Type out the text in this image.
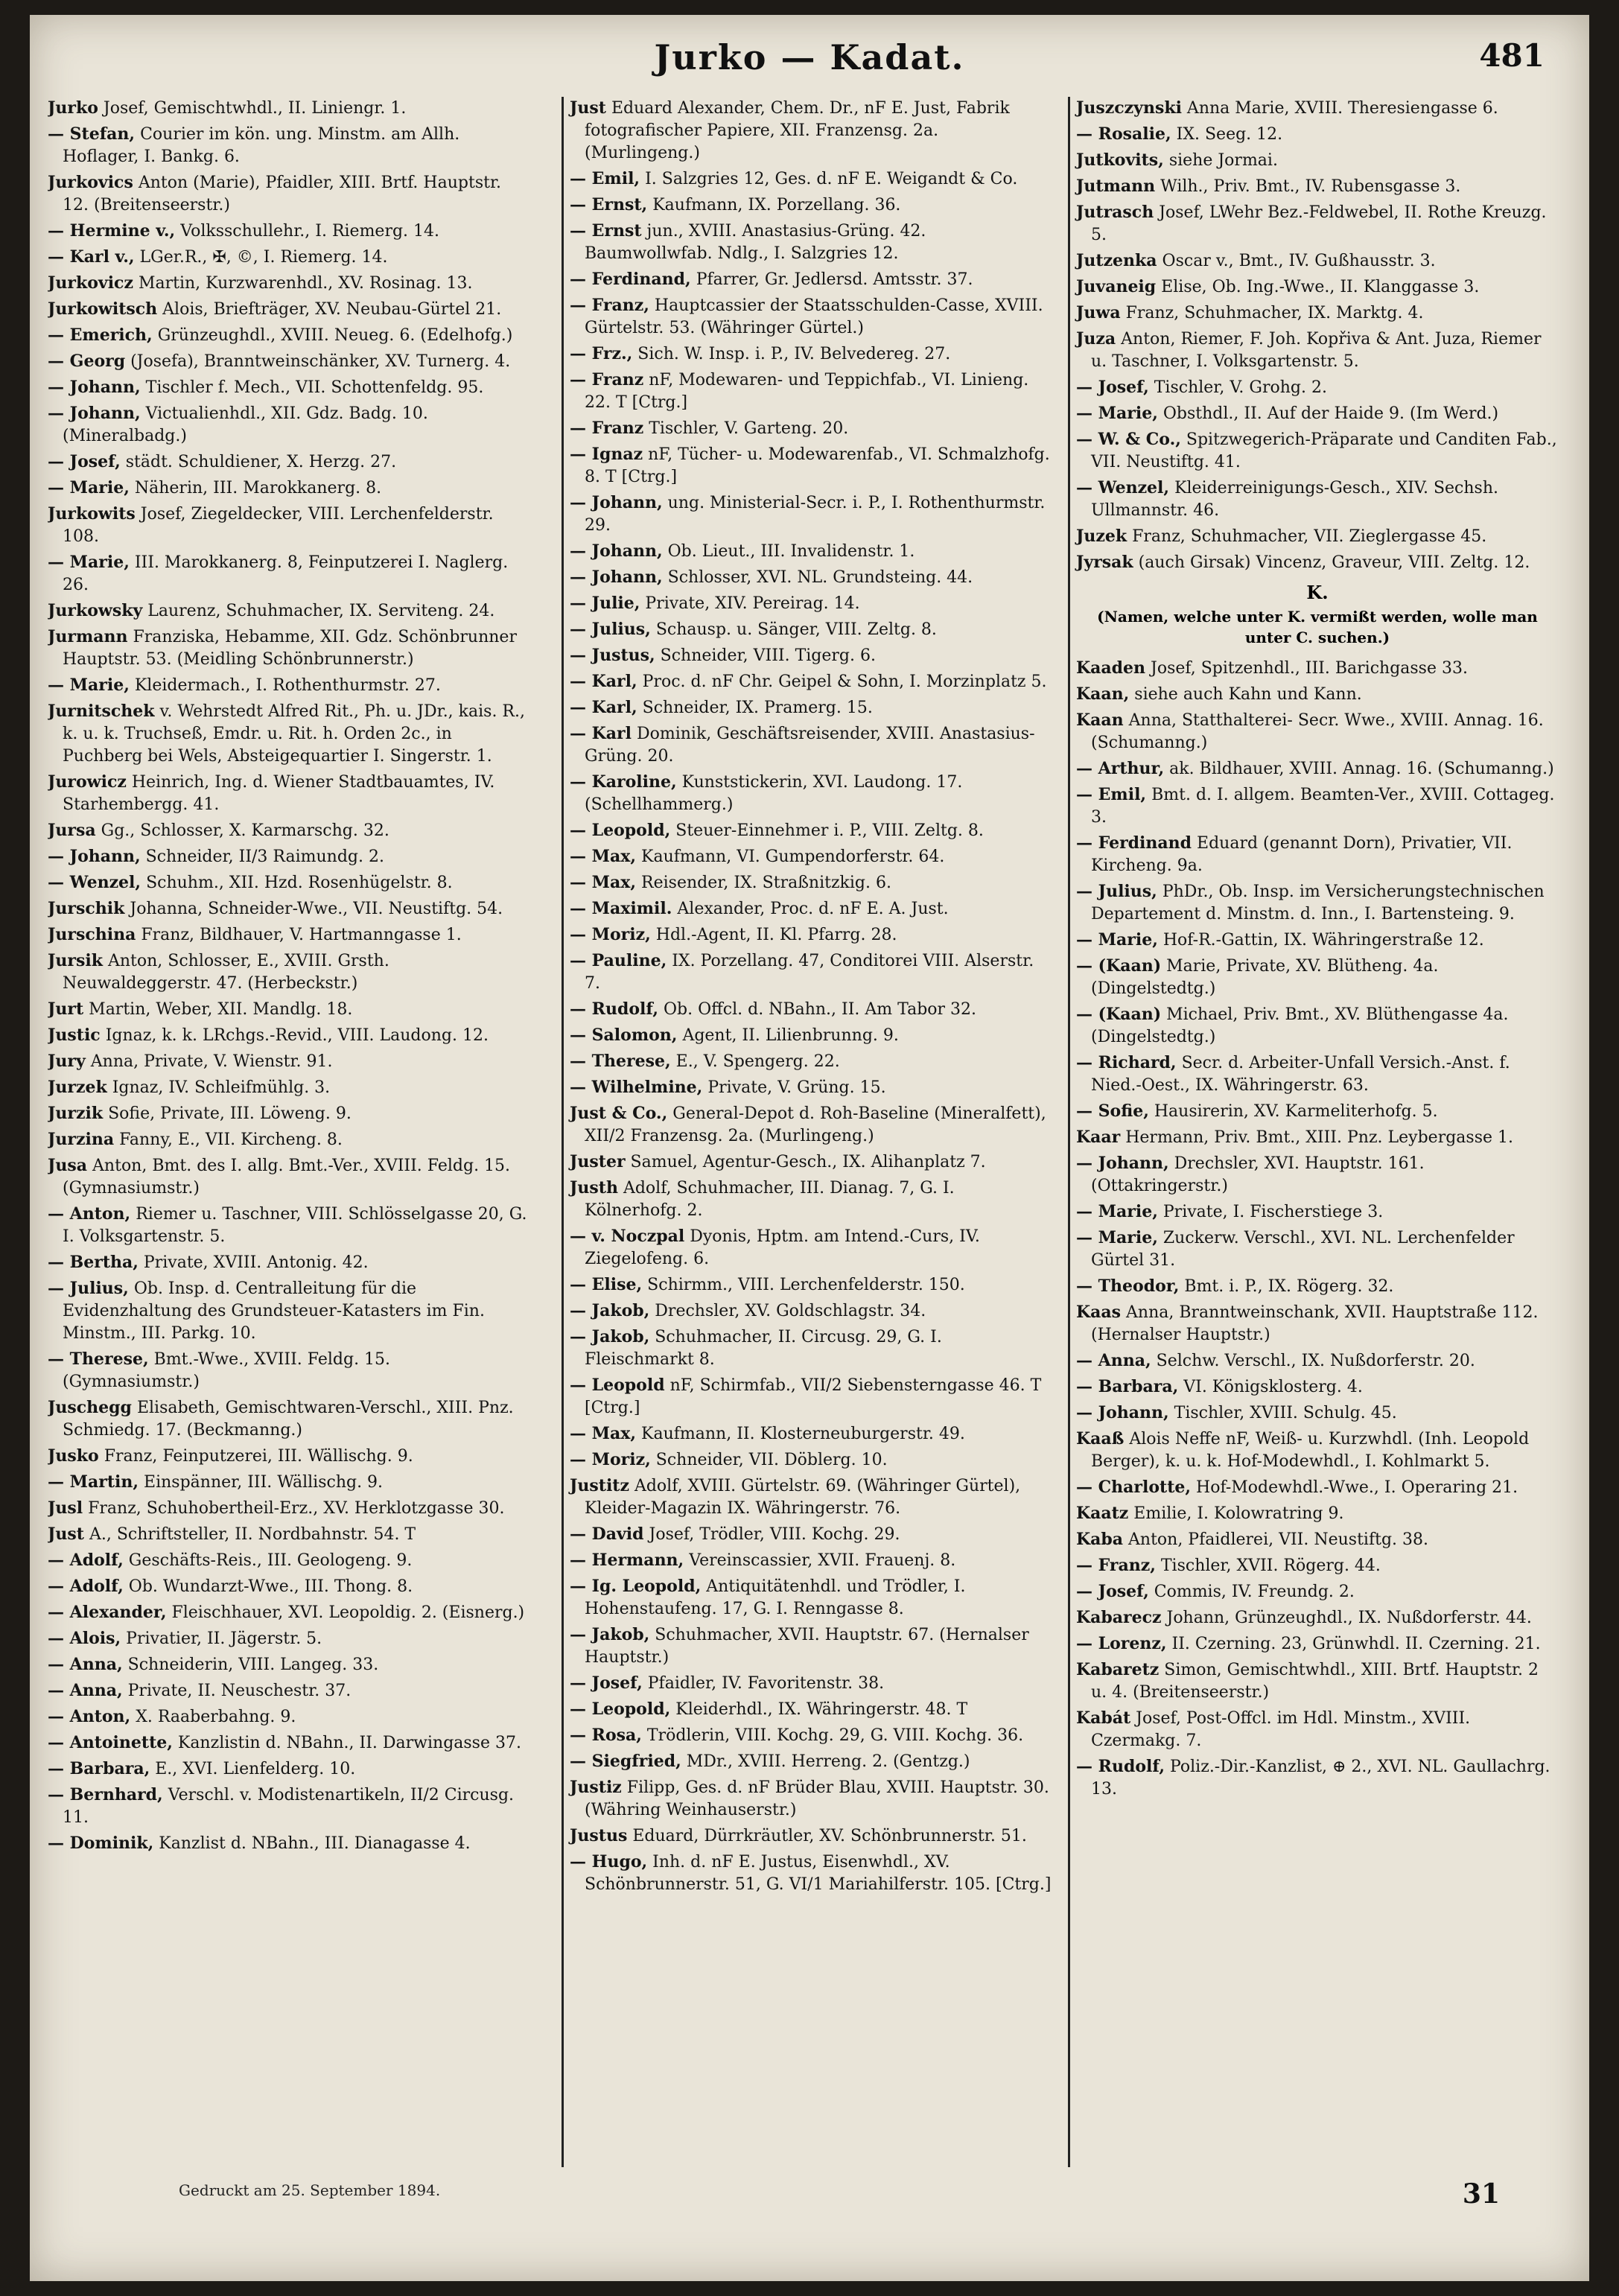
Jurko — Kadat.	481
Jurko Josef, Gemischtwhdl., II. Liniengr. 1.
— Stefan, Courier im kön. ung. Minstm. am Allh. Hoflager, I. Bankg. 6.
Jurkovics Anton (Marie), Pfaidler, XIII. Brtf. Hauptstr. 12. (Breitenseerstr.)
— Hermine v., Volksschullehr., I. Riemerg. 14.
— Karl v., LGer.R., ✠, ©, I. Riemerg. 14.
Jurkovicz Martin, Kurzwarenhdl., XV. Rosinag. 13.
Jurkowitsch Alois, Briefträger, XV. Neubau-Gürtel 21.
— Emerich, Grünzeughdl., XVIII. Neueg. 6. (Edelhofg.)
— Georg (Josefa), Branntweinschänker, XV. Turnerg. 4.
— Johann, Tischler f. Mech., VII. Schottenfeldg. 95.
— Johann, Victualienhdl., XII. Gdz. Badg. 10. (Mineralbadg.)
— Josef, städt. Schuldiener, X. Herzg. 27.
— Marie, Näherin, III. Marokkanerg. 8.
Jurkowits Josef, Ziegeldecker, VIII. Lerchenfelderstr. 108.
— Marie, III. Marokkanerg. 8, Feinputzerei I. Naglerg. 26.
Jurkowsky Laurenz, Schuhmacher, IX. Serviteng. 24.
Jurmann Franziska, Hebamme, XII. Gdz. Schönbrunner Hauptstr. 53. (Meidling Schönbrunnerstr.)
— Marie, Kleidermach., I. Rothenthurmstr. 27.
Jurnitschek v. Wehrstedt Alfred Rit., Ph. u. JDr., kais. R., k. u. k. Truchseß, Emdr. u. Rit. h. Orden 2c., in Puchberg bei Wels, Absteigequartier I. Singerstr. 1.
Jurowicz Heinrich, Ing. d. Wiener Stadtbauamtes, IV. Starhembergg. 41.
Jursa Gg., Schlosser, X. Karmarschg. 32.
— Johann, Schneider, II/3 Raimundg. 2.
— Wenzel, Schuhm., XII. Hzd. Rosenhügelstr. 8.
Jurschik Johanna, Schneider-Wwe., VII. Neustiftg. 54.
Jurschina Franz, Bildhauer, V. Hartmanngasse 1.
Jursik Anton, Schlosser, E., XVIII. Grsth. Neuwaldeggerstr. 47. (Herbeckstr.)
Jurt Martin, Weber, XII. Mandlg. 18.
Justic Ignaz, k. k. LRchgs.-Revid., VIII. Laudong. 12.
Jury Anna, Private, V. Wienstr. 91.
Jurzek Ignaz, IV. Schleifmühlg. 3.
Jurzik Sofie, Private, III. Löweng. 9.
Jurzina Fanny, E., VII. Kircheng. 8.
Jusa Anton, Bmt. des I. allg. Bmt.-Ver., XVIII. Feldg. 15. (Gymnasiumstr.)
— Anton, Riemer u. Taschner, VIII. Schlösselgasse 20, G. I. Volksgartenstr. 5.
— Bertha, Private, XVIII. Antonig. 42.
— Julius, Ob. Insp. d. Centralleitung für die Evidenzhaltung des Grundsteuer-Katasters im Fin. Minstm., III. Parkg. 10.
— Therese, Bmt.-Wwe., XVIII. Feldg. 15. (Gymnasiumstr.)
Juschegg Elisabeth, Gemischtwaren-Verschl., XIII. Pnz. Schmiedg. 17. (Beckmanng.)
Jusko Franz, Feinputzerei, III. Wällischg. 9.
— Martin, Einspänner, III. Wällischg. 9.
Jusl Franz, Schuhobertheil-Erz., XV. Herklotzgasse 30.
Just A., Schriftsteller, II. Nordbahnstr. 54. T
— Adolf, Geschäfts-Reis., III. Geologeng. 9.
— Adolf, Ob. Wundarzt-Wwe., III. Thong. 8.
— Alexander, Fleischhauer, XVI. Leopoldig. 2. (Eisnerg.)
— Alois, Privatier, II. Jägerstr. 5.
— Anna, Schneiderin, VIII. Langeg. 33.
— Anna, Private, II. Neuschestr. 37.
— Anton, X. Raaberbahng. 9.
— Antoinette, Kanzlistin d. NBahn., II. Darwingasse 37.
— Barbara, E., XVI. Lienfelderg. 10.
— Bernhard, Verschl. v. Modistenartikeln, II/2 Circusg. 11.
— Dominik, Kanzlist d. NBahn., III. Dianagasse 4.
Just Eduard Alexander, Chem. Dr., nF E. Just, Fabrik fotografischer Papiere, XII. Franzensg. 2a. (Murlingeng.)
— Emil, I. Salzgries 12, Ges. d. nF E. Weigandt & Co.
— Ernst, Kaufmann, IX. Porzellang. 36.
— Ernst jun., XVIII. Anastasius-Grüng. 42. Baumwollwfab. Ndlg., I. Salzgries 12.
— Ferdinand, Pfarrer, Gr. Jedlersd. Amtsstr. 37.
— Franz, Hauptcassier der Staatsschulden-Casse, XVIII. Gürtelstr. 53. (Währinger Gürtel.)
— Frz., Sich. W. Insp. i. P., IV. Belvedereg. 27.
— Franz nF, Modewaren- und Teppichfab., VI. Linieng. 22. T [Ctrg.]
— Franz Tischler, V. Garteng. 20.
— Ignaz nF, Tücher- u. Modewarenfab., VI. Schmalzhofg. 8. T [Ctrg.]
— Johann, ung. Ministerial-Secr. i. P., I. Rothenthurmstr. 29.
— Johann, Ob. Lieut., III. Invalidenstr. 1.
— Johann, Schlosser, XVI. NL. Grundsteing. 44.
— Julie, Private, XIV. Pereirag. 14.
— Julius, Schausp. u. Sänger, VIII. Zeltg. 8.
— Justus, Schneider, VIII. Tigerg. 6.
— Karl, Proc. d. nF Chr. Geipel & Sohn, I. Morzinplatz 5.
— Karl, Schneider, IX. Pramerg. 15.
— Karl Dominik, Geschäftsreisender, XVIII. Anastasius-Grüng. 20.
— Karoline, Kunststickerin, XVI. Laudong. 17. (Schellhammerg.)
— Leopold, Steuer-Einnehmer i. P., VIII. Zeltg. 8.
— Max, Kaufmann, VI. Gumpendorferstr. 64.
— Max, Reisender, IX. Straßnitzkig. 6.
— Maximil. Alexander, Proc. d. nF E. A. Just.
— Moriz, Hdl.-Agent, II. Kl. Pfarrg. 28.
— Pauline, IX. Porzellang. 47, Conditorei VIII. Alserstr. 7.
— Rudolf, Ob. Offcl. d. NBahn., II. Am Tabor 32.
— Salomon, Agent, II. Lilienbrunng. 9.
— Therese, E., V. Spengerg. 22.
— Wilhelmine, Private, V. Grüng. 15.
Just & Co., General-Depot d. Roh-Baseline (Mineralfett), XII/2 Franzensg. 2a. (Murlingeng.)
Juster Samuel, Agentur-Gesch., IX. Alihanplatz 7.
Justh Adolf, Schuhmacher, III. Dianag. 7, G. I. Kölnerhofg. 2.
— v. Noczpal Dyonis, Hptm. am Intend.-Curs, IV. Ziegelofeng. 6.
— Elise, Schirmm., VIII. Lerchenfelderstr. 150.
— Jakob, Drechsler, XV. Goldschlagstr. 34.
— Jakob, Schuhmacher, II. Circusg. 29, G. I. Fleischmarkt 8.
— Leopold nF, Schirmfab., VII/2 Siebensterngasse 46. T [Ctrg.]
— Max, Kaufmann, II. Klosterneuburgerstr. 49.
— Moriz, Schneider, VII. Döblerg. 10.
Justitz Adolf, XVIII. Gürtelstr. 69. (Währinger Gürtel), Kleider-Magazin IX. Währingerstr. 76.
— David Josef, Trödler, VIII. Kochg. 29.
— Hermann, Vereinscassier, XVII. Frauenj. 8.
— Ig. Leopold, Antiquitätenhdl. und Trödler, I. Hohenstaufeng. 17, G. I. Renngasse 8.
— Jakob, Schuhmacher, XVII. Hauptstr. 67. (Hernalser Hauptstr.)
— Josef, Pfaidler, IV. Favoritenstr. 38.
— Leopold, Kleiderhdl., IX. Währingerstr. 48. T
— Rosa, Trödlerin, VIII. Kochg. 29, G. VIII. Kochg. 36.
— Siegfried, MDr., XVIII. Herreng. 2. (Gentzg.)
Justiz Filipp, Ges. d. nF Brüder Blau, XVIII. Hauptstr. 30. (Währing Weinhauserstr.)
Justus Eduard, Dürrkräutler, XV. Schönbrunnerstr. 51.
— Hugo, Inh. d. nF E. Justus, Eisenwhdl., XV. Schönbrunnerstr. 51, G. VI/1 Mariahilferstr. 105. [Ctrg.]
Juszczynski Anna Marie, XVIII. Theresiengasse 6.
— Rosalie, IX. Seeg. 12.
Jutkovits, siehe Jormai.
Jutmann Wilh., Priv. Bmt., IV. Rubensgasse 3.
Jutrasch Josef, LWehr Bez.-Feldwebel, II. Rothe Kreuzg. 5.
Jutzenka Oscar v., Bmt., IV. Gußhausstr. 3.
Juvaneig Elise, Ob. Ing.-Wwe., II. Klanggasse 3.
Juwa Franz, Schuhmacher, IX. Marktg. 4.
Juza Anton, Riemer, F. Joh. Kopřiva & Ant. Juza, Riemer u. Taschner, I. Volksgartenstr. 5.
— Josef, Tischler, V. Grohg. 2.
— Marie, Obsthdl., II. Auf der Haide 9. (Im Werd.)
— W. & Co., Spitzwegerich-Präparate und Canditen Fab., VII. Neustiftg. 41.
— Wenzel, Kleiderreinigungs-Gesch., XIV. Sechsh. Ullmannstr. 46.
Juzek Franz, Schuhmacher, VII. Zieglergasse 45.
Jyrsak (auch Girsak) Vincenz, Graveur, VIII. Zeltg. 12.
K.
(Namen, welche unter K. vermißt werden, wolle man unter C. suchen.)
Kaaden Josef, Spitzenhdl., III. Barichgasse 33.
Kaan, siehe auch Kahn und Kann.
Kaan Anna, Statthalterei- Secr. Wwe., XVIII. Annag. 16. (Schumanng.)
— Arthur, ak. Bildhauer, XVIII. Annag. 16. (Schumanng.)
— Emil, Bmt. d. I. allgem. Beamten-Ver., XVIII. Cottageg. 3.
— Ferdinand Eduard (genannt Dorn), Privatier, VII. Kircheng. 9a.
— Julius, PhDr., Ob. Insp. im Versicherungstechnischen Departement d. Minstm. d. Inn., I. Bartensteing. 9.
— Marie, Hof-R.-Gattin, IX. Währingerstraße 12.
— (Kaan) Marie, Private, XV. Blütheng. 4a. (Dingelstedtg.)
— (Kaan) Michael, Priv. Bmt., XV. Blüthengasse 4a. (Dingelstedtg.)
— Richard, Secr. d. Arbeiter-Unfall Versich.-Anst. f. Nied.-Oest., IX. Währingerstr. 63.
— Sofie, Hausirerin, XV. Karmeliterhofg. 5.
Kaar Hermann, Priv. Bmt., XIII. Pnz. Leybergasse 1.
— Johann, Drechsler, XVI. Hauptstr. 161. (Ottakringerstr.)
— Marie, Private, I. Fischerstiege 3.
— Marie, Zuckerw. Verschl., XVI. NL. Lerchenfelder Gürtel 31.
— Theodor, Bmt. i. P., IX. Rögerg. 32.
Kaas Anna, Branntweinschank, XVII. Hauptstraße 112. (Hernalser Hauptstr.)
— Anna, Selchw. Verschl., IX. Nußdorferstr. 20.
— Barbara, VI. Königsklosterg. 4.
— Johann, Tischler, XVIII. Schulg. 45.
Kaaß Alois Neffe nF, Weiß- u. Kurzwhdl. (Inh. Leopold Berger), k. u. k. Hof-Modewhdl., I. Kohlmarkt 5.
— Charlotte, Hof-Modewhdl.-Wwe., I. Operaring 21.
Kaatz Emilie, I. Kolowratring 9.
Kaba Anton, Pfaidlerei, VII. Neustiftg. 38.
— Franz, Tischler, XVII. Rögerg. 44.
— Josef, Commis, IV. Freundg. 2.
Kabarecz Johann, Grünzeughdl., IX. Nußdorferstr. 44.
— Lorenz, II. Czerning. 23, Grünwhdl. II. Czerning. 21.
Kabaretz Simon, Gemischtwhdl., XIII. Brtf. Hauptstr. 2 u. 4. (Breitenseerstr.)
Kabát Josef, Post-Offcl. im Hdl. Minstm., XVIII. Czermakg. 7.
— Rudolf, Poliz.-Dir.-Kanzlist, ⊕ 2., XVI. NL. Gaullachrg. 13.
Gedruckt am 25. September 1894.	31
